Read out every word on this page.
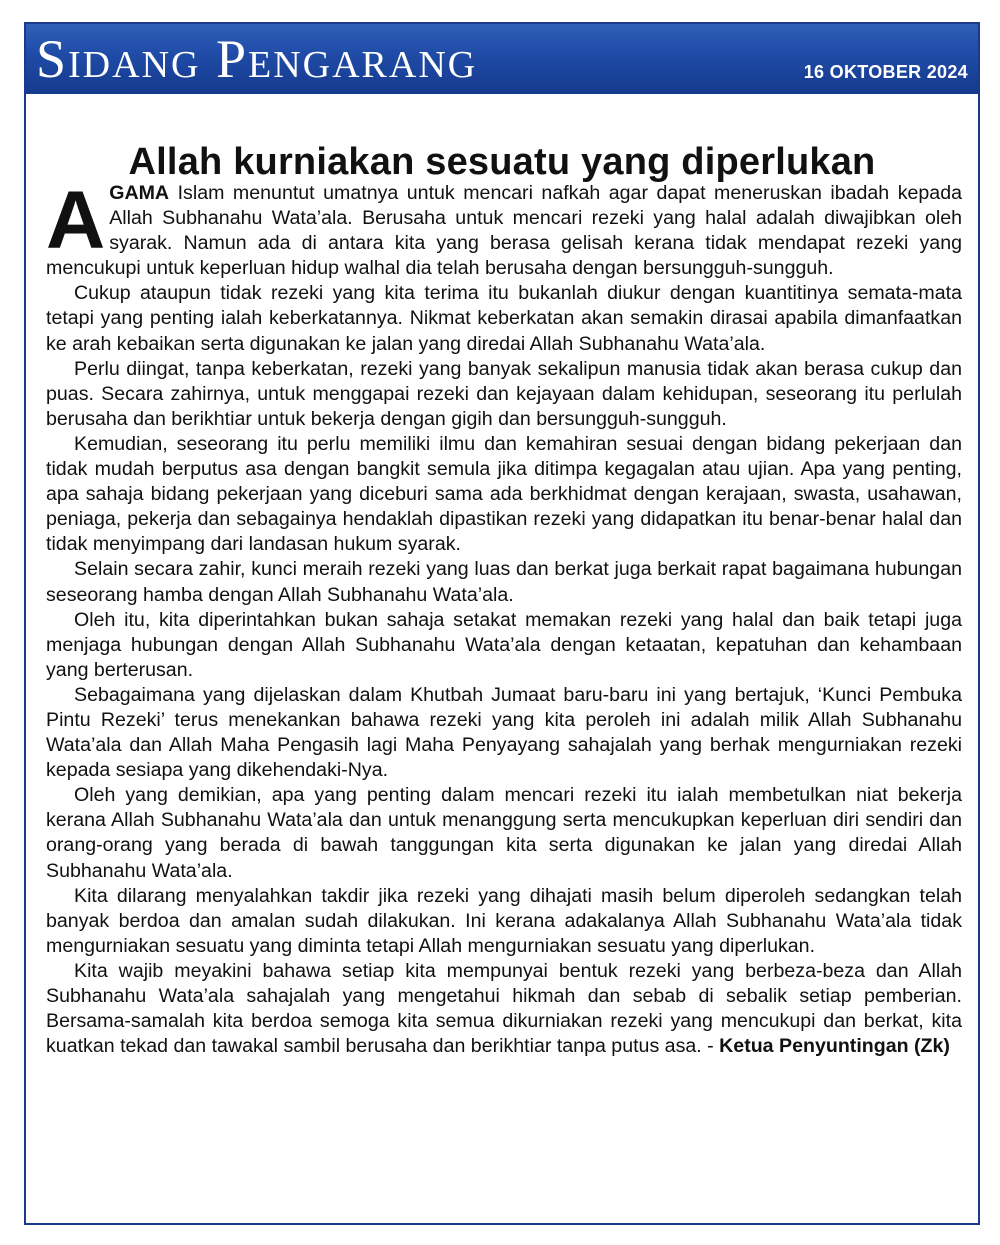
Sidang Pengarang	16 OKTOBER 2024
Allah kurniakan sesuatu yang diperlukan

AGAMA Islam menuntut umatnya untuk mencari nafkah agar dapat meneruskan ibadah kepada Allah Subhanahu Wata’ala. Berusaha untuk mencari rezeki yang halal adalah diwajibkan oleh syarak. Namun ada di antara kita yang berasa gelisah kerana tidak mendapat rezeki yang mencukupi untuk keperluan hidup walhal dia telah berusaha dengan bersungguh-sungguh.

Cukup ataupun tidak rezeki yang kita terima itu bukanlah diukur dengan kuantitinya semata-mata tetapi yang penting ialah keberkatannya. Nikmat keberkatan akan semakin dirasai apabila dimanfaatkan ke arah kebaikan serta digunakan ke jalan yang diredai Allah Subhanahu Wata’ala.

Perlu diingat, tanpa keberkatan, rezeki yang banyak sekalipun manusia tidak akan berasa cukup dan puas. Secara zahirnya, untuk menggapai rezeki dan kejayaan dalam kehidupan, seseorang itu perlulah berusaha dan berikhtiar untuk bekerja dengan gigih dan bersungguh-sungguh.

Kemudian, seseorang itu perlu memiliki ilmu dan kemahiran sesuai dengan bidang pekerjaan dan tidak mudah berputus asa dengan bangkit semula jika ditimpa kegagalan atau ujian. Apa yang penting, apa sahaja bidang pekerjaan yang diceburi sama ada berkhidmat dengan kerajaan, swasta, usahawan, peniaga, pekerja dan sebagainya hendaklah dipastikan rezeki yang didapatkan itu benar-benar halal dan tidak menyimpang dari landasan hukum syarak.

Selain secara zahir, kunci meraih rezeki yang luas dan berkat juga berkait rapat bagaimana hubungan seseorang hamba dengan Allah Subhanahu Wata’ala.

Oleh itu, kita diperintahkan bukan sahaja setakat memakan rezeki yang halal dan baik tetapi juga menjaga hubungan dengan Allah Subhanahu Wata’ala dengan ketaatan, kepatuhan dan kehambaan yang berterusan.

Sebagaimana yang dijelaskan dalam Khutbah Jumaat baru-baru ini yang bertajuk, ‘Kunci Pembuka Pintu Rezeki’ terus menekankan bahawa rezeki yang kita peroleh ini adalah milik Allah Subhanahu Wata’ala dan Allah Maha Pengasih lagi Maha Penyayang sahajalah yang berhak mengurniakan rezeki kepada sesiapa yang dikehendaki-Nya.

Oleh yang demikian, apa yang penting dalam mencari rezeki itu ialah membetulkan niat bekerja kerana Allah Subhanahu Wata’ala dan untuk menanggung serta mencukupkan keperluan diri sendiri dan orang-orang yang berada di bawah tanggungan kita serta digunakan ke jalan yang diredai Allah Subhanahu Wata’ala.

Kita dilarang menyalahkan takdir jika rezeki yang dihajati masih belum diperoleh sedangkan telah banyak berdoa dan amalan sudah dilakukan. Ini kerana adakalanya Allah Subhanahu Wata’ala tidak mengurniakan sesuatu yang diminta tetapi Allah mengurniakan sesuatu yang diperlukan.

Kita wajib meyakini bahawa setiap kita mempunyai bentuk rezeki yang berbeza-beza dan Allah Subhanahu Wata’ala sahajalah yang mengetahui hikmah dan sebab di sebalik setiap pemberian. Bersama-samalah kita berdoa semoga kita semua dikurniakan rezeki yang mencukupi dan berkat, kita kuatkan tekad dan tawakal sambil berusaha dan berikhtiar tanpa putus asa. - Ketua Penyuntingan (Zk)
